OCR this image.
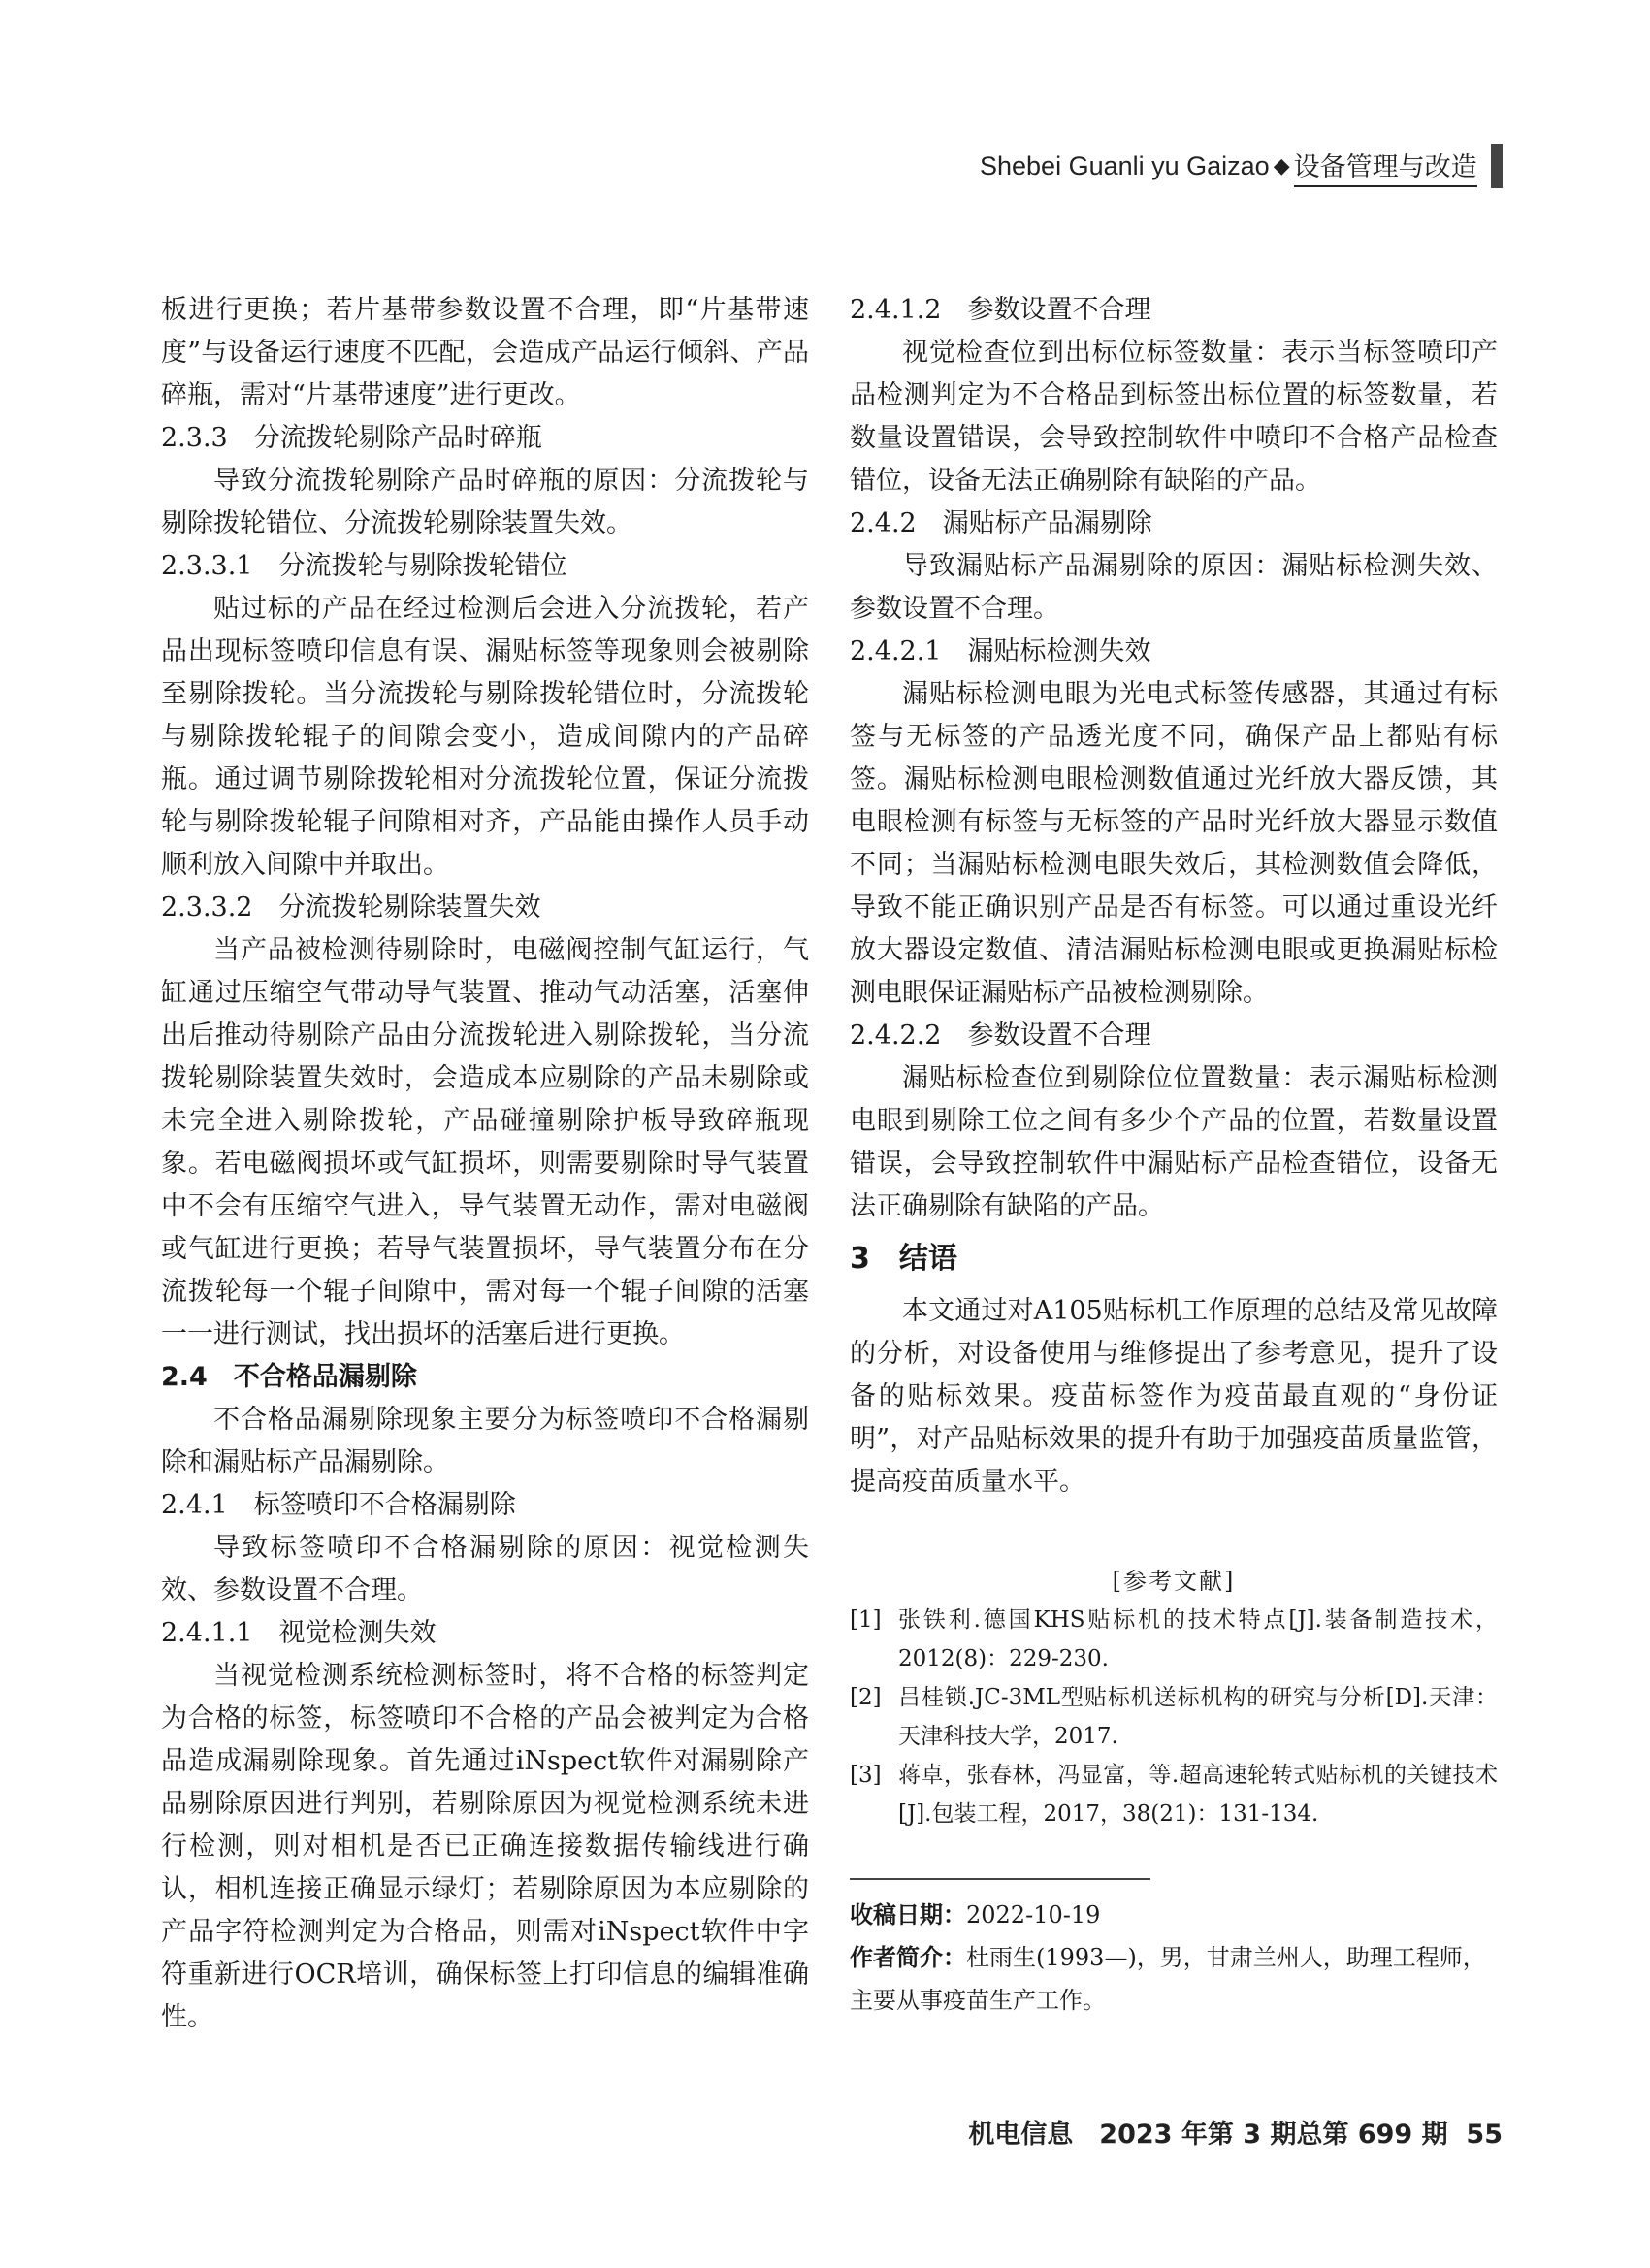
Shebei Guanli yu Gaizao ◆ 设备管理与改造

板进行更换；若片基带参数设置不合理，即“片基带速度”与设备运行速度不匹配，会造成产品运行倾斜、产品碎瓶，需对“片基带速度”进行更改。

2.3.3　分流拨轮剔除产品时碎瓶

导致分流拨轮剔除产品时碎瓶的原因：分流拨轮与剔除拨轮错位、分流拨轮剔除装置失效。

2.3.3.1　分流拨轮与剔除拨轮错位

贴过标的产品在经过检测后会进入分流拨轮，若产品出现标签喷印信息有误、漏贴标签等现象则会被剔除至剔除拨轮。当分流拨轮与剔除拨轮错位时，分流拨轮与剔除拨轮辊子的间隙会变小，造成间隙内的产品碎瓶。通过调节剔除拨轮相对分流拨轮位置，保证分流拨轮与剔除拨轮辊子间隙相对齐，产品能由操作人员手动顺利放入间隙中并取出。

2.3.3.2　分流拨轮剔除装置失效

当产品被检测待剔除时，电磁阀控制气缸运行，气缸通过压缩空气带动导气装置、推动气动活塞，活塞伸出后推动待剔除产品由分流拨轮进入剔除拨轮，当分流拨轮剔除装置失效时，会造成本应剔除的产品未剔除或未完全进入剔除拨轮，产品碰撞剔除护板导致碎瓶现象。若电磁阀损坏或气缸损坏，则需要剔除时导气装置中不会有压缩空气进入，导气装置无动作，需对电磁阀或气缸进行更换；若导气装置损坏，导气装置分布在分流拨轮每一个辊子间隙中，需对每一个辊子间隙的活塞一一进行测试，找出损坏的活塞后进行更换。

2.4　不合格品漏剔除

不合格品漏剔除现象主要分为标签喷印不合格漏剔除和漏贴标产品漏剔除。

2.4.1　标签喷印不合格漏剔除

导致标签喷印不合格漏剔除的原因：视觉检测失效、参数设置不合理。

2.4.1.1　视觉检测失效

当视觉检测系统检测标签时，将不合格的标签判定为合格的标签，标签喷印不合格的产品会被判定为合格品造成漏剔除现象。首先通过iNspect软件对漏剔除产品剔除原因进行判别，若剔除原因为视觉检测系统未进行检测，则对相机是否已正确连接数据传输线进行确认，相机连接正确显示绿灯；若剔除原因为本应剔除的产品字符检测判定为合格品，则需对iNspect软件中字符重新进行OCR培训，确保标签上打印信息的编辑准确性。

2.4.1.2　参数设置不合理

视觉检查位到出标位标签数量：表示当标签喷印产品检测判定为不合格品到标签出标位置的标签数量，若数量设置错误，会导致控制软件中喷印不合格产品检查错位，设备无法正确剔除有缺陷的产品。

2.4.2　漏贴标产品漏剔除

导致漏贴标产品漏剔除的原因：漏贴标检测失效、参数设置不合理。

2.4.2.1　漏贴标检测失效

漏贴标检测电眼为光电式标签传感器，其通过有标签与无标签的产品透光度不同，确保产品上都贴有标签。漏贴标检测电眼检测数值通过光纤放大器反馈，其电眼检测有标签与无标签的产品时光纤放大器显示数值不同；当漏贴标检测电眼失效后，其检测数值会降低，导致不能正确识别产品是否有标签。可以通过重设光纤放大器设定数值、清洁漏贴标检测电眼或更换漏贴标检测电眼保证漏贴标产品被检测剔除。

2.4.2.2　参数设置不合理

漏贴标检查位到剔除位位置数量：表示漏贴标检测电眼到剔除工位之间有多少个产品的位置，若数量设置错误，会导致控制软件中漏贴标产品检查错位，设备无法正确剔除有缺陷的产品。

3　结语

本文通过对A105贴标机工作原理的总结及常见故障的分析，对设备使用与维修提出了参考意见，提升了设备的贴标效果。疫苗标签作为疫苗最直观的“身份证明”，对产品贴标效果的提升有助于加强疫苗质量监管，提高疫苗质量水平。

[参考文献]
[1] 张铁利.德国KHS贴标机的技术特点[J].装备制造技术，2012(8)：229-230.
[2] 吕桂锁.JC-3ML型贴标机送标机构的研究与分析[D].天津：天津科技大学，2017.
[3] 蒋卓，张春林，冯显富，等.超高速轮转式贴标机的关键技术[J].包装工程，2017，38(21)：131-134.
收稿日期：2022-10-19
作者简介：杜雨生(1993—)，男，甘肃兰州人，助理工程师，主要从事疫苗生产工作。
机电信息　2023 年第 3 期总第 699 期 55
